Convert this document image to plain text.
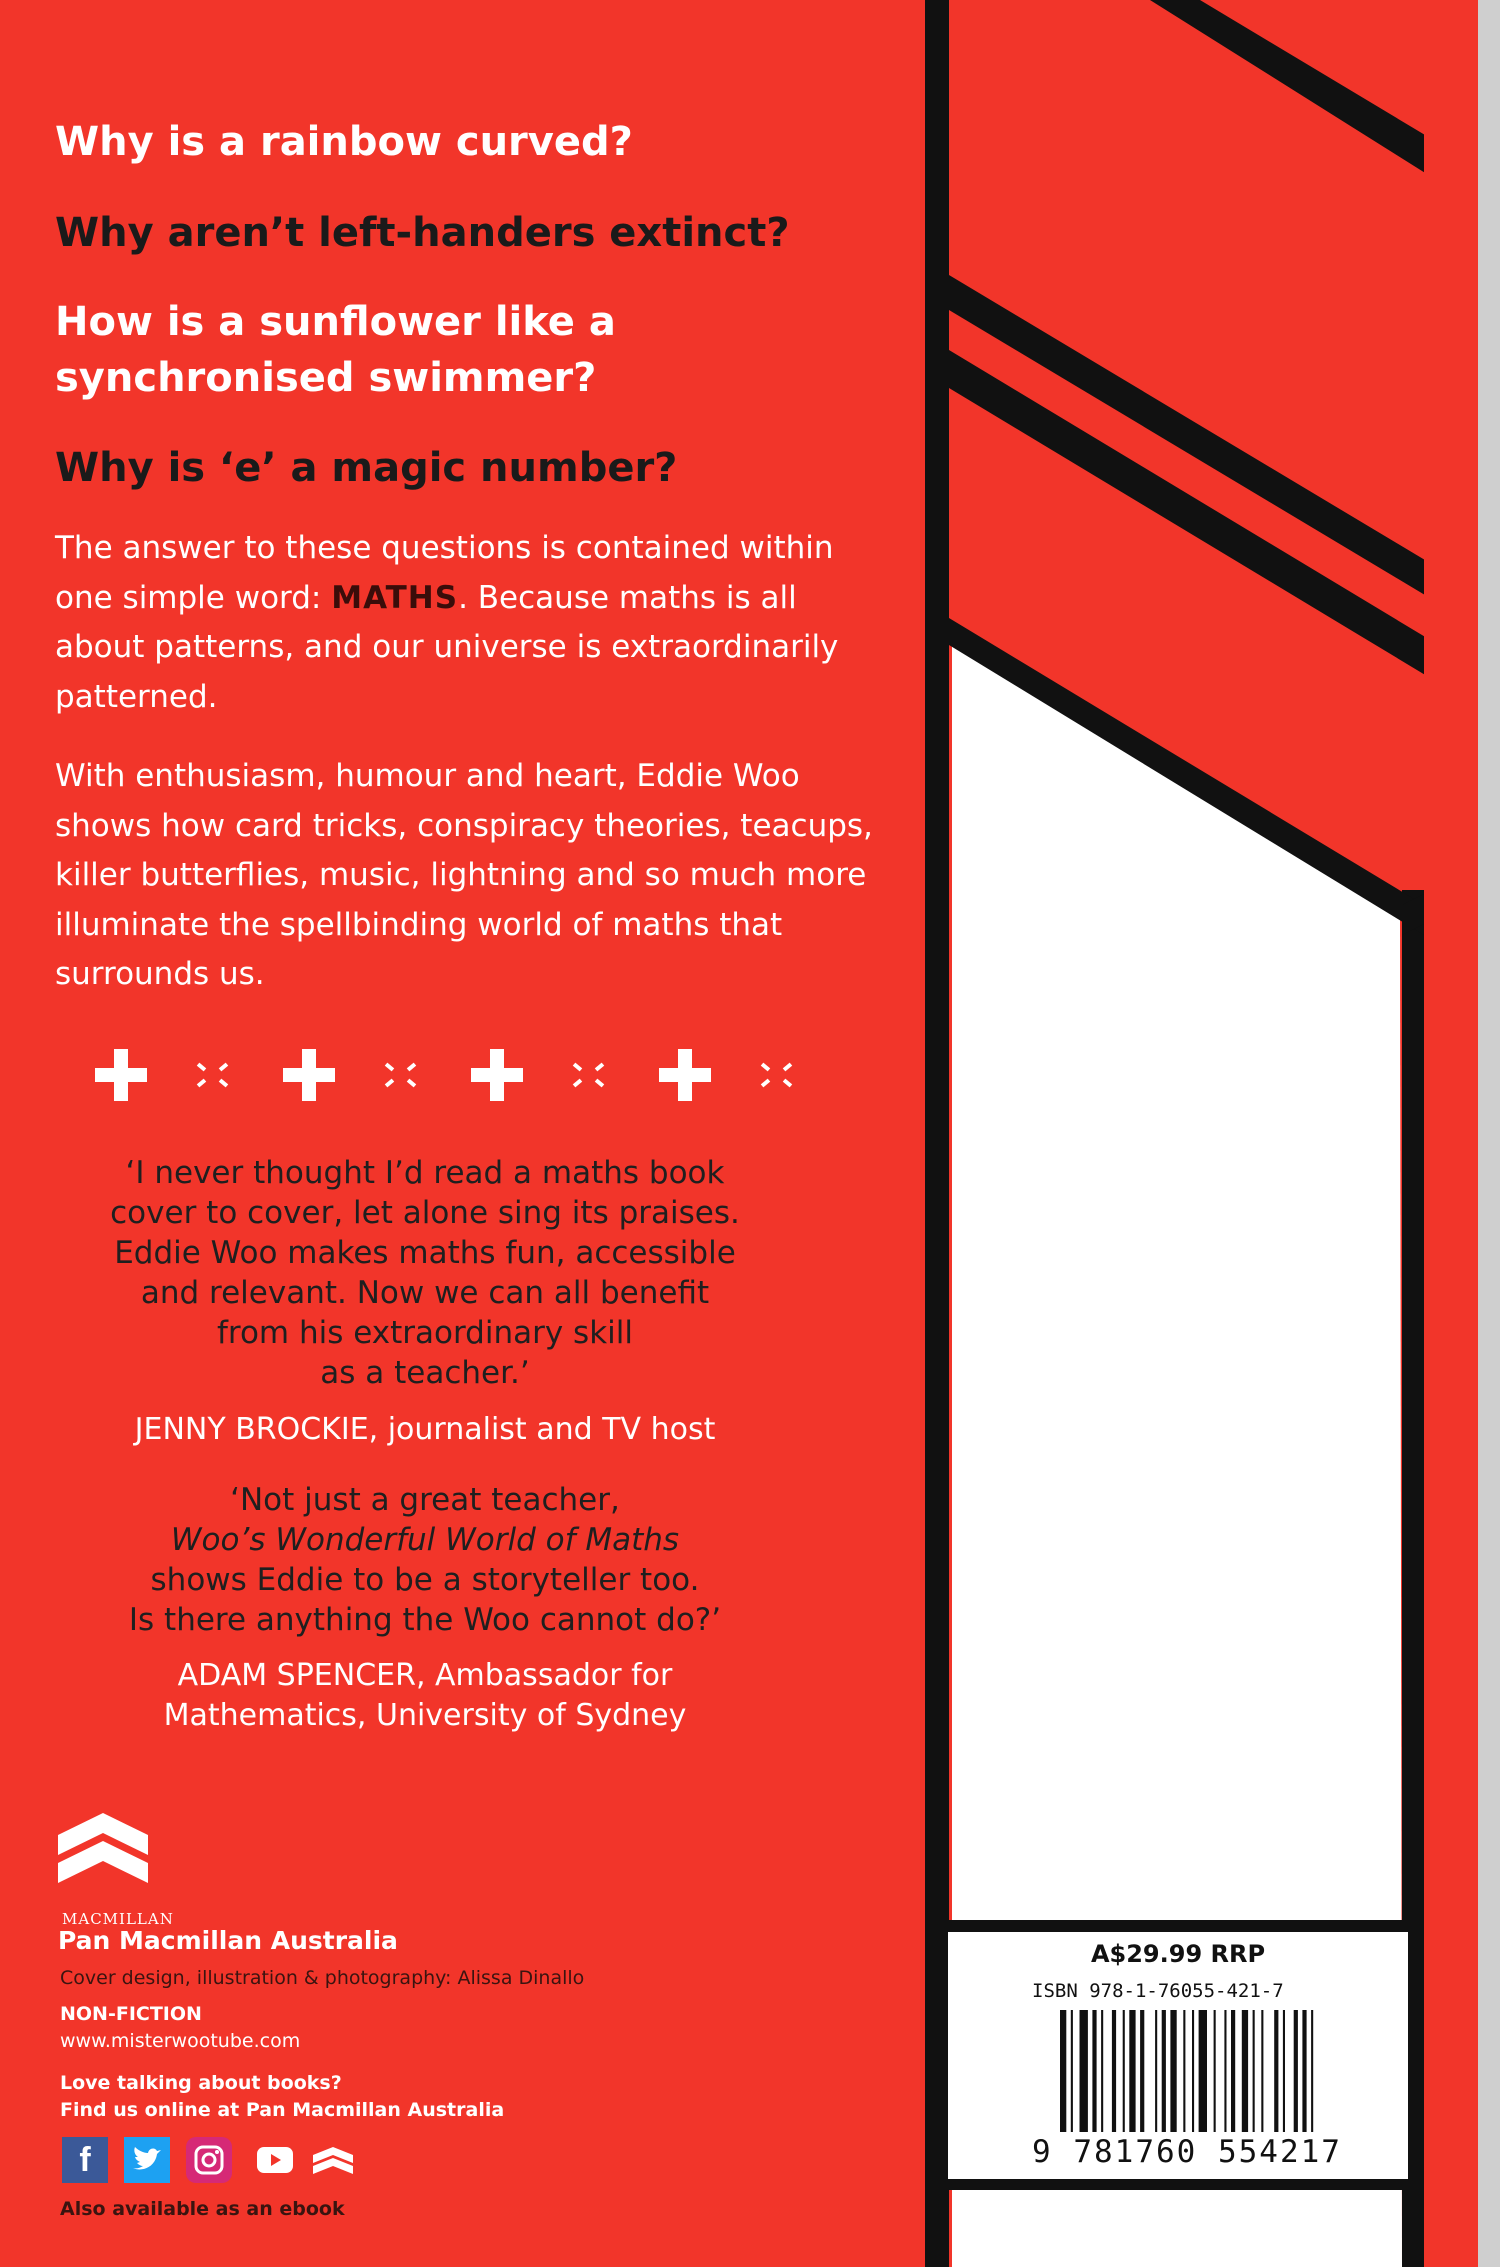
Why is a rainbow curved?

Why aren’t left-handers extinct?

How is a sunflower like a

synchronised swimmer?

Why is ‘e’ a magic number?

The answer to these questions is contained within one simple word: MATHS. Because maths is all about patterns, and our universe is extraordinarily patterned.

With enthusiasm, humour and heart, Eddie Woo shows how card tricks, conspiracy theories, teacups, killer butterflies, music, lightning and so much more illuminate the spellbinding world of maths that surrounds us.

‘I never thought I’d read a maths book
cover to cover, let alone sing its praises.
Eddie Woo makes maths fun, accessible
and relevant. Now we can all benefit
from his extraordinary skill
as a teacher.’
JENNY BROCKIE, journalist and TV host
‘Not just a great teacher,
Woo’s Wonderful World of Maths
shows Eddie to be a storyteller too.
Is there anything the Woo cannot do?’
ADAM SPENCER, Ambassador for
Mathematics, University of Sydney
MACMILLAN

Pan Macmillan Australia

Cover design, illustration & photography: Alissa Dinallo

NON-FICTION

www.misterwootube.com

Love talking about books?

Find us online at Pan Macmillan Australia

f

Also available as an ebook

A$29.99 RRP
ISBN 978-1-76055-421-7
9 781760 554217
